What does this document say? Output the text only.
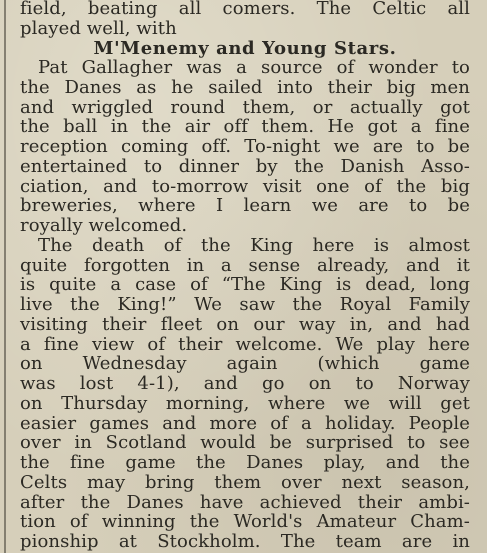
field, beating all comers. The Celtic all
played well, with
M'Menemy and Young Stars.
Pat Gallagher was a source of wonder to
the Danes as he sailed into their big men
and wriggled round them, or actually got
the ball in the air off them. He got a fine
reception coming off. To-night we are to be
entertained to dinner by the Danish Asso-
ciation, and to-morrow visit one of the big
breweries, where I learn we are to be
royally welcomed.
The death of the King here is almost
quite forgotten in a sense already, and it
is quite a case of “The King is dead, long
live the King!” We saw the Royal Family
visiting their fleet on our way in, and had
a fine view of their welcome. We play here
on Wednesday again (which game
was lost 4-1), and go on to Norway
on Thursday morning, where we will get
easier games and more of a holiday. People
over in Scotland would be surprised to see
the fine game the Danes play, and the
Celts may bring them over next season,
after the Danes have achieved their ambi-
tion of winning the World's Amateur Cham-
pionship at Stockholm. The team are in
